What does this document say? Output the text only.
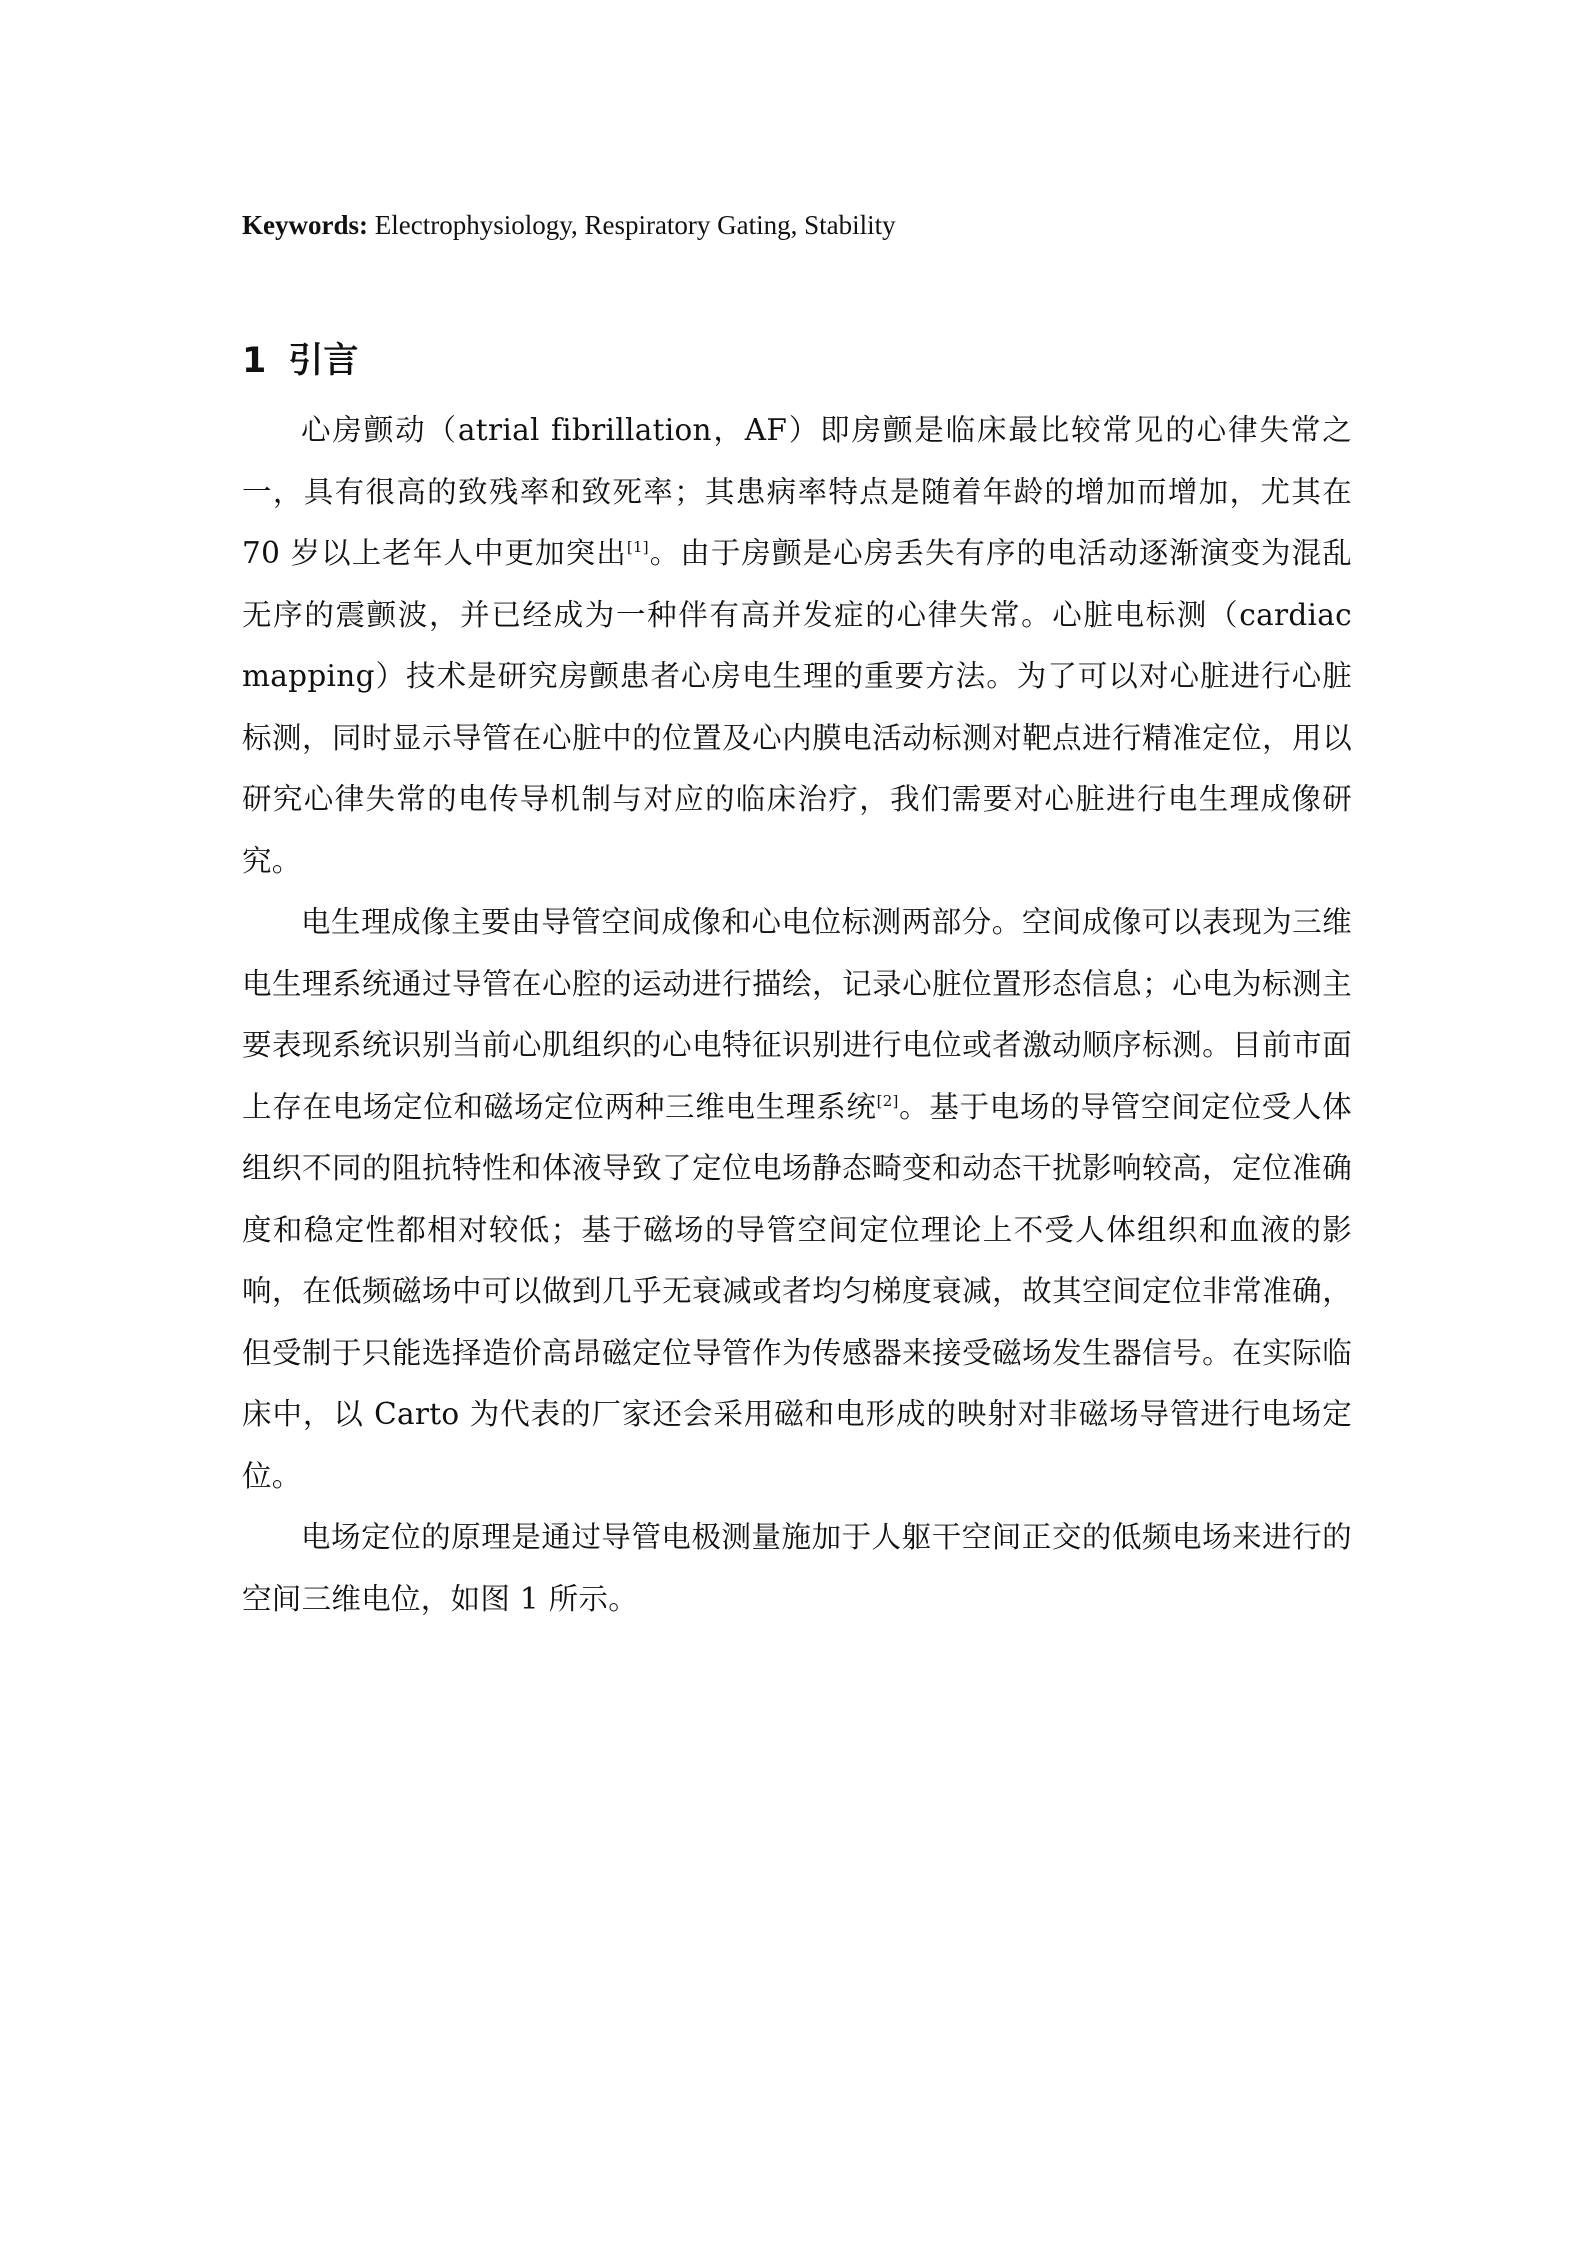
Keywords: Electrophysiology, Respiratory Gating, Stability
1 引言

心房颤动（atrial fibrillation，AF）即房颤是临床最比较常见的心律失常之一，具有很高的致残率和致死率；其患病率特点是随着年龄的增加而增加，尤其在 70 岁以上老年人中更加突出[1]。由于房颤是心房丢失有序的电活动逐渐演变为混乱无序的震颤波，并已经成为一种伴有高并发症的心律失常。心脏电标测（cardiac mapping）技术是研究房颤患者心房电生理的重要方法。为了可以对心脏进行心脏标测，同时显示导管在心脏中的位置及心内膜电活动标测对靶点进行精准定位，用以研究心律失常的电传导机制与对应的临床治疗，我们需要对心脏进行电生理成像研究。

电生理成像主要由导管空间成像和心电位标测两部分。空间成像可以表现为三维电生理系统通过导管在心腔的运动进行描绘，记录心脏位置形态信息；心电为标测主要表现系统识别当前心肌组织的心电特征识别进行电位或者激动顺序标测。目前市面上存在电场定位和磁场定位两种三维电生理系统[2]。基于电场的导管空间定位受人体组织不同的阻抗特性和体液导致了定位电场静态畸变和动态干扰影响较高，定位准确度和稳定性都相对较低；基于磁场的导管空间定位理论上不受人体组织和血液的影响，在低频磁场中可以做到几乎无衰减或者均匀梯度衰减，故其空间定位非常准确，但受制于只能选择造价高昂磁定位导管作为传感器来接受磁场发生器信号。在实际临床中，以 Carto 为代表的厂家还会采用磁和电形成的映射对非磁场导管进行电场定位。

电场定位的原理是通过导管电极测量施加于人躯干空间正交的低频电场来进行的空间三维电位，如图 1 所示。
